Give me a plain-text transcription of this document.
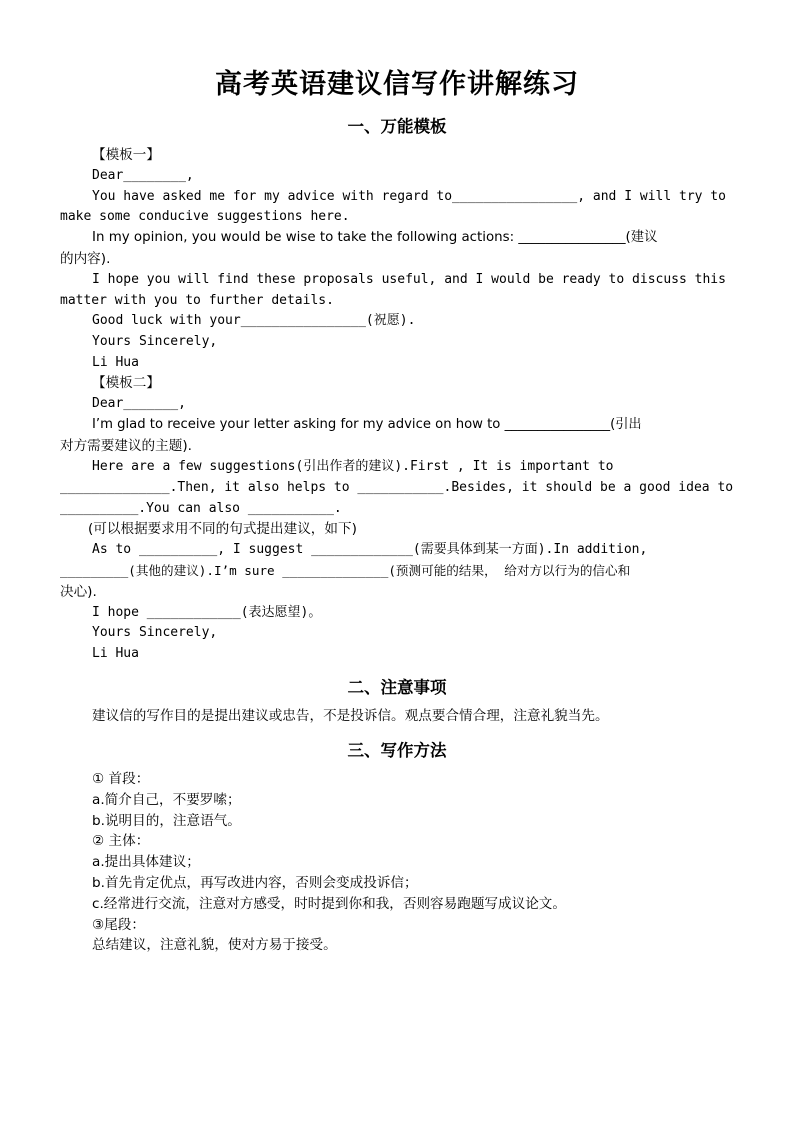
高考英语建议信写作讲解练习
一、万能模板
【模板一】
Dear________,
You have asked me for my advice with regard to________________, and I will try to
make some conducive suggestions here.
In my opinion, you would be wise to take the following actions: ________________(建议
的内容).
I hope you will find these proposals useful, and I would be ready to discuss this
matter with you to further details.
Good luck with your________________(祝愿).
Yours Sincerely,
Li Hua
【模板二】
Dear_______,
I’m glad to receive your letter asking for my advice on how to ________________(引出
对方需要建议的主题).
Here are a few suggestions(引出作者的建议).First , It is important to
______________.Then, it also helps to ___________.Besides, it should be a good idea to
__________.You can also ___________.
(可以根据要求用不同的句式提出建议，如下)
As to __________, I suggest _____________(需要具体到某一方面).In addition,
_________(其他的建议).I’m sure ______________(预测可能的结果， 给对方以行为的信心和
决心).
I hope ____________(表达愿望)。
Yours Sincerely,
Li Hua
二、注意事项
建议信的写作目的是提出建议或忠告，不是投诉信。观点要合情合理，注意礼貌当先。
三、写作方法
① 首段：
a.简介自己，不要罗嗦；
b.说明目的，注意语气。
② 主体：
a.提出具体建议；
b.首先肯定优点，再写改进内容，否则会变成投诉信；
c.经常进行交流，注意对方感受，时时提到你和我，否则容易跑题写成议论文。
③尾段：
总结建议，注意礼貌，使对方易于接受。
